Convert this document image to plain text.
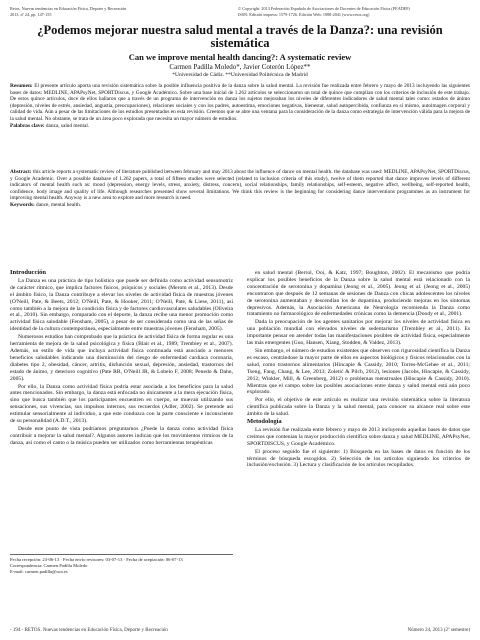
Retos. Nuevas tendencias en Educación Física, Deporte y Recreación
2013, nº 24, pp. 147-155
© Copyright: 2013 Federación Española de Asociaciones de Docentes de Educación Física (FEADEF)
ISSN: Edición impresa: 1579-1726. Edición Web: 1988-2041 (www.retos.org)
¿Podemos mejorar nuestra salud mental a través de la Danza?: una revisión sistemática
Can we improve mental health dancing?: A systematic review
Carmen Padilla Moledo*, Javier Coterón López**
*Universidad de Cádiz. **Universidad Politécnica de Madrid
Resumen: El presente artículo aporta una revisión sistemática sobre la posible influencia positiva de la danza sobre la salud mental. La revisión fue realizada entre febrero y mayo de 2013 incluyendo las siguientes bases de datos: MEDLINE, APAPsyNet, SPORTDiscus, y Google Académico. Sobre una base inicial de 1.262 artículos se seleccionaron un total de quince que cumplían con los criterios de inclusión de este trabajo. De estos quince artículos, doce de ellos hallaron que a través de un programa de intervención en danza los sujetos mejoraban los niveles de diferentes indicadores de salud mental tales como: estados de ánimo (depresión, niveles de estrés, ansiedad, angustia, preocupaciones), relaciones sociales y con los padres, autoestima, emociones negativas, bienestar, salud autopercibida, confianza en sí mismo, autoimagen corporal y calidad de vida. Aún a pesar de las limitaciones de los estudios presentados en esta revisión. Creemos que se abre una ventana para la consideración de la danza como estrategia de intervención válida para la mejora de la salud mental. No obstante, se trata de un área poco explorada que necesita un mayor número de estudios.
Palabras clave: danza, salud mental.
Abstract: this article reports a systematic review of literature published between february and may 2013 about the influence of dance on mental health. the database was used: MEDLINE, APAPsyNet, SPORTDiscus, y Google Academic. Over a possible database of 1.262 papers, a total of fifteen studies were selected (related to inclusion criteria of this study), twelve of them reported that dance improves levels of different indicators of mental health such as: mood (depression, energy levels, stress, anxiety, distress, concern), social relationships, family relationships, self-esteem, negative affect, wellbeing, self-reported health, confidence, body image and quality of life. Although researches presented show several limitations. We think this review is the beginning for considering dance interventions programmes as an instrument for improving mental health. Anyway is a new area to explore and more research is need.
Keywords: dance, mental health.

Introducción

La Danza es una práctica de tipo holístico que puede ser definida como actividad sensomotriz de carácter rítmico, que implica factores físicos, psíquicos y sociales (Merom et al., 2013). Desde el ámbito físico, la Danza contribuye a elevar los niveles de actividad física de muestras jóvenes (O'Neill, Pate, & Beets, 2012; O'Neill, Pate, & Hooker, 2011; O'Neill, Pate, & Liese, 2011), así como también a la mejora de la condición física y de factores cardiovasculares saludables (Oliveira et al., 2010). Sin embargo, comparado con el deporte, la danza recibe una menor promoción como actividad física saludable (Fensham, 2005), a pesar de ser considerada como una de las señas de identidad de la cultura contemporánea, especialmente entre muestras jóvenes (Fensham, 2005).

Numerosos estudios han comprobado que la práctica de actividad física de forma regular es una herramienta de mejora de la salud psicológica y física (Blair et al., 1989; Trembley et al., 2007). Además, un estilo de vida que incluya actividad física continuada está asociado a menores beneficios saludables indicando una disminución del riesgo de enfermedad cardíaca coronaria, diabetes tipo 2, obesidad, cáncer, artritis, disfunción sexual, depresión, ansiedad, trastornos del estado de ánimo, y deterioro cognitivo (Pate RR, O'Neill JR, & Lobelo F, 2008; Penedo & Dahn, 2005).

Por ello, la Danza como actividad física podría estar asociada a los beneficios para la salud antes mencionados. Sin embargo, la danza está enfocada no únicamente a la mera ejecución física, sino que busca también que los participantes encuentren en cuerpo, se muevan utilizando sus sensaciones, sus vivencias, sus impulsos internos, sus recuerdos (Adler, 2002). Se pretende así estimular sensorialmente al individuo, a que este conduzca con la parte consciente e inconsciente de su personalidad (A.D.T., 2013).

Desde este punto de vista podríamos preguntarnos ¿Puede la danza como actividad física contribuir a mejorar la salud mental?. Algunos autores indican que los movimientos rítmicos de la danza, así como el canto o la música pueden ser utilizados como herramientas terapéuticas

en salud mental (Berrol, Ooi, & Katz, 1997; Boughton, 2002). El mecanismo que podría explicar los posibles beneficios de la Danza sobre la salud mental está relacionado con la concentración de serotonina y dopamina (Jeong et al., 2005). Jeong et al. (Jeong et al., 2005) encontraron que después de 12 semanas de sesiones de Danza con chicas adolescentes los niveles de serotonina aumentaban y descendían los de dopamina, produciendo mejoras en los síntomas depresivos. Además, la Asociación Americana de Neurología recomienda la Danza como tratamiento no farmacológico de enfermedades crónicas como la demencia (Doody et al., 2001).

Dada la preocupación de los agentes sanitarios por mejorar los niveles de actividad física en una población mundial con elevados niveles de sedentarismo (Trembley et al., 2011). Es importante pensar en atender todas las manifestaciones posibles de actividad física, especialmente las más emergentes (Guo, Hansen, Xiang, Stodden, & Valdez, 2013).

Sin embargo, el número de estudios existentes que observen con rigurosidad científica la Danza es escaso, centrándose la mayor parte de ellos en aspectos biológicos y físicos relacionados con la salud, como trastornos alimentarios (Hincapie & Cassidy, 2010; Torres-McGehee et al., 2011; Tseng, Fang, Chang, & Lee, 2013; Zoletić & Pilch, 2012), lesiones (Jacobs, Hincapie, & Cassidy, 2012; Winkler, Mill, & Greenberg, 2012) o problemas menstruales (Hincapie & Cassidy, 2010). Mientras que el campo sobre las posibles asociaciones entre danza y salud mental está aún poco explorado.

Por ello, el objetivo de este artículo es realizar una revisión sistemática sobre la literatura científica publicada sobre la Danza y la salud mental, para conocer su alcance real sobre este ámbito de la salud.

Metodología

La revisión fue realizada entre febrero y mayo de 2013 incluyendo aquellas bases de datos que creímos que contenían la mayor producción científica sobre danza y salud MEDLINE, APAPsyNet, SPORTDISCUS, y Google Académico.

El proceso seguido fue el siguiente: 1) Búsqueda en las bases de datos en función de los términos de búsqueda escogidos. 2) Selección de los artículos siguiendo los criterios de inclusión/exclusión. 3) Lectura y clasificación de los artículos recopilados.

Fecha recepción: 23-06-13 · Fecha envío revisores: 03-07-13 · Fecha de aceptación: 06-07-13
Correspondencia: Carmen Padilla Moledo
E-mail: carmen.padilla@uca.es
- 194 - RETOS. Nuevas tendencias en Educación Física, Deporte y Recreación	Número 24, 2013 (2º semestre)
